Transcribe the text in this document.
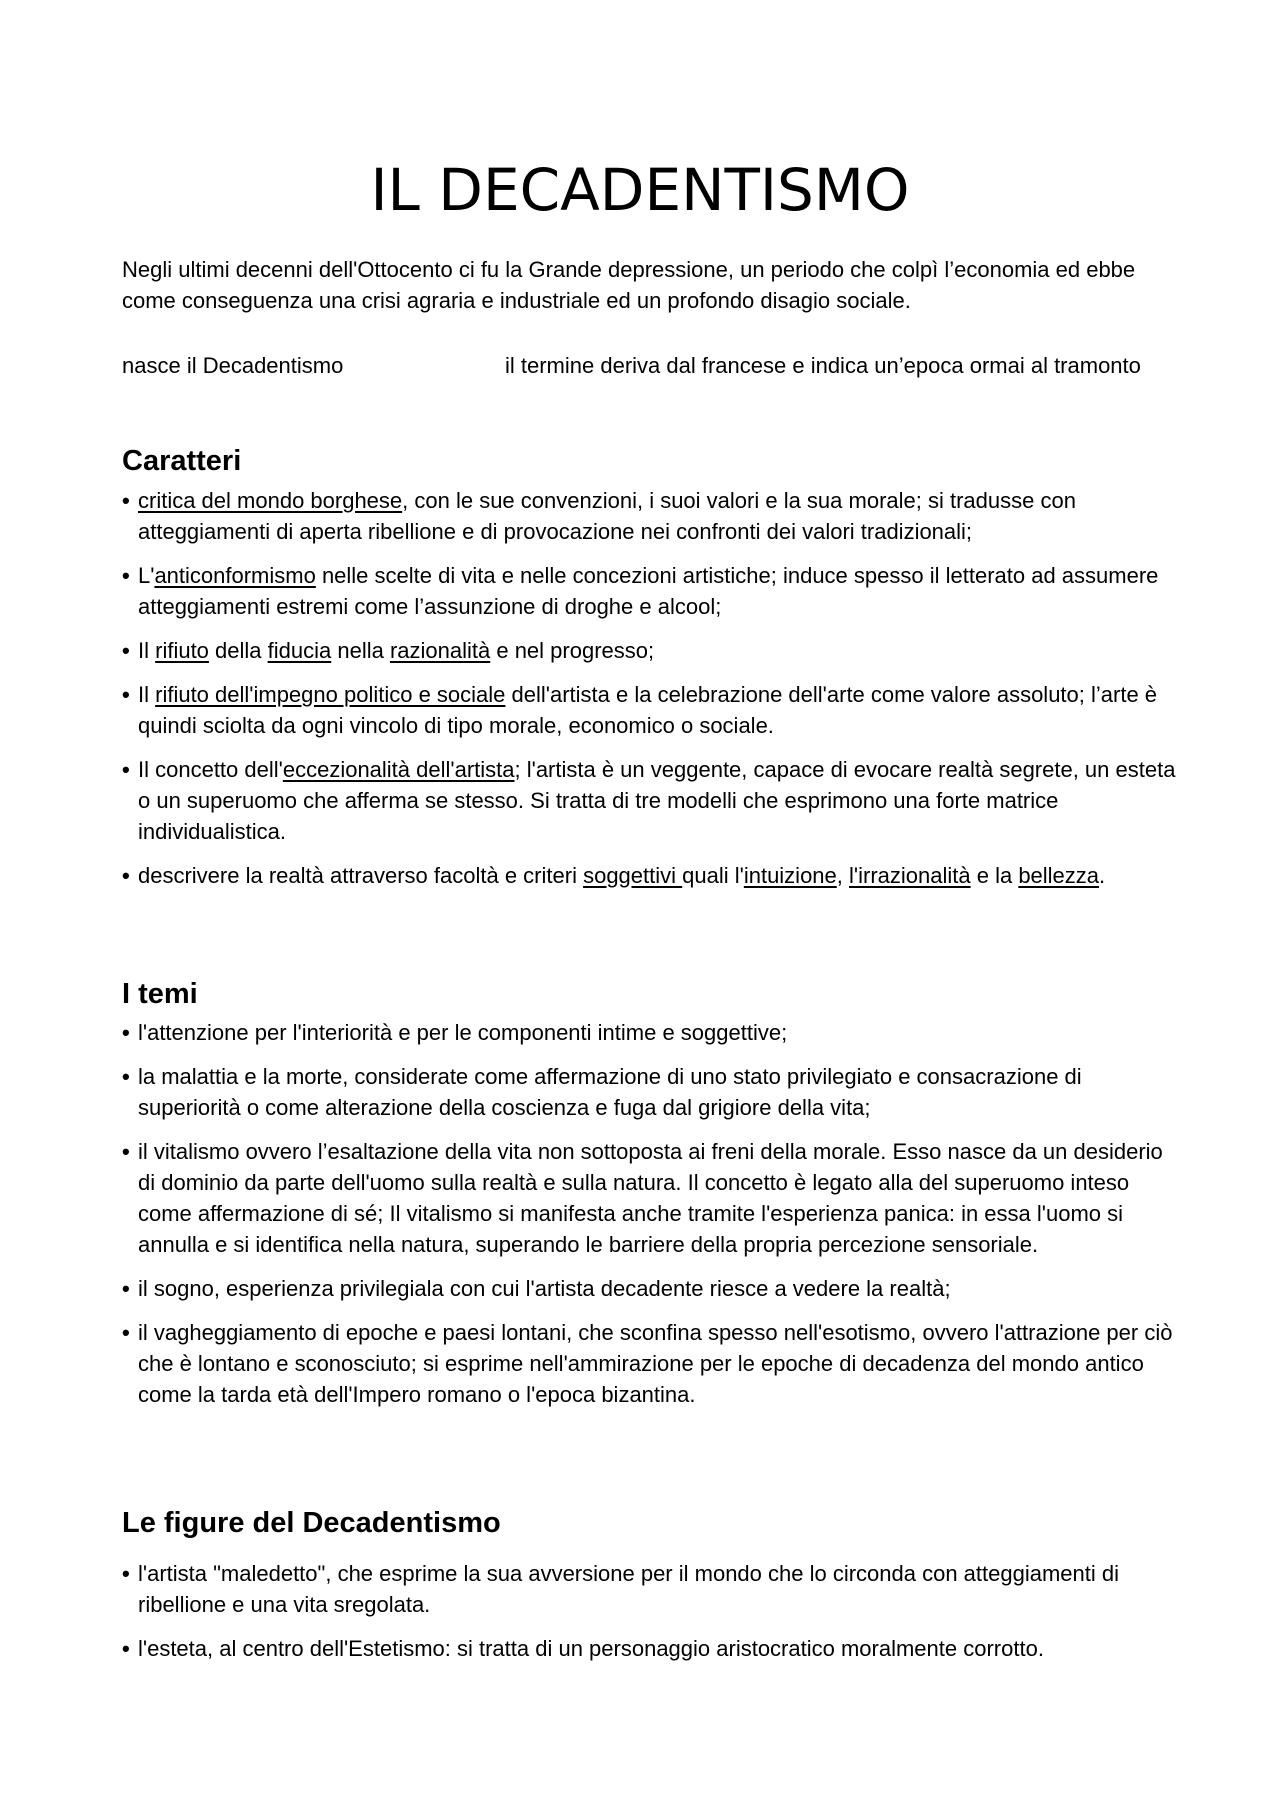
IL DECADENTISMO

Negli ultimi decenni dell'Ottocento ci fu la Grande depressione, un periodo che colpì l’economia ed ebbe come conseguenza una crisi agraria e industriale ed un profondo disagio sociale.

nasce il Decadentismo	il termine deriva dal francese e indica un’epoca ormai al tramonto

Caratteri
• critica del mondo borghese, con le sue convenzioni, i suoi valori e la sua morale; si tradusse con atteggiamenti di aperta ribellione e di provocazione nei confronti dei valori tradizionali;
• L'anticonformismo nelle scelte di vita e nelle concezioni artistiche; induce spesso il letterato ad assumere atteggiamenti estremi come l’assunzione di droghe e alcool;
• Il rifiuto della fiducia nella razionalità e nel progresso;
• Il rifiuto dell'impegno politico e sociale dell'artista e la celebrazione dell'arte come valore assoluto; l’arte è quindi sciolta da ogni vincolo di tipo morale, economico o sociale.
• Il concetto dell'eccezionalità dell'artista; l'artista è un veggente, capace di evocare realtà segrete, un esteta o un superuomo che afferma se stesso. Si tratta di tre modelli che esprimono una forte matrice individualistica.
• descrivere la realtà attraverso facoltà e criteri soggettivi quali l'intuizione, l'irrazionalità e la bellezza.
I temi
• l'attenzione per l'interiorità e per le componenti intime e soggettive;
• la malattia e la morte, considerate come affermazione di uno stato privilegiato e consacrazione di superiorità o come alterazione della coscienza e fuga dal grigiore della vita;
• il vitalismo ovvero l’esaltazione della vita non sottoposta ai freni della morale. Esso nasce da un desiderio di dominio da parte dell'uomo sulla realtà e sulla natura. Il concetto è legato alla del superuomo inteso come affermazione di sé; Il vitalismo si manifesta anche tramite l'esperienza panica: in essa l'uomo si annulla e si identifica nella natura, superando le barriere della propria percezione sensoriale.
• il sogno, esperienza privilegiala con cui l'artista decadente riesce a vedere la realtà;
• il vagheggiamento di epoche e paesi lontani, che sconfina spesso nell'esotismo, ovvero l'attrazione per ciò che è lontano e sconosciuto; si esprime nell'ammirazione per le epoche di decadenza del mondo antico come la tarda età dell'Impero romano o l'epoca bizantina.
Le figure del Decadentismo
• l'artista "maledetto", che esprime la sua avversione per il mondo che lo circonda con atteggiamenti di ribellione e una vita sregolata.
• l'esteta, al centro dell'Estetismo: si tratta di un personaggio aristocratico moralmente corrotto.
